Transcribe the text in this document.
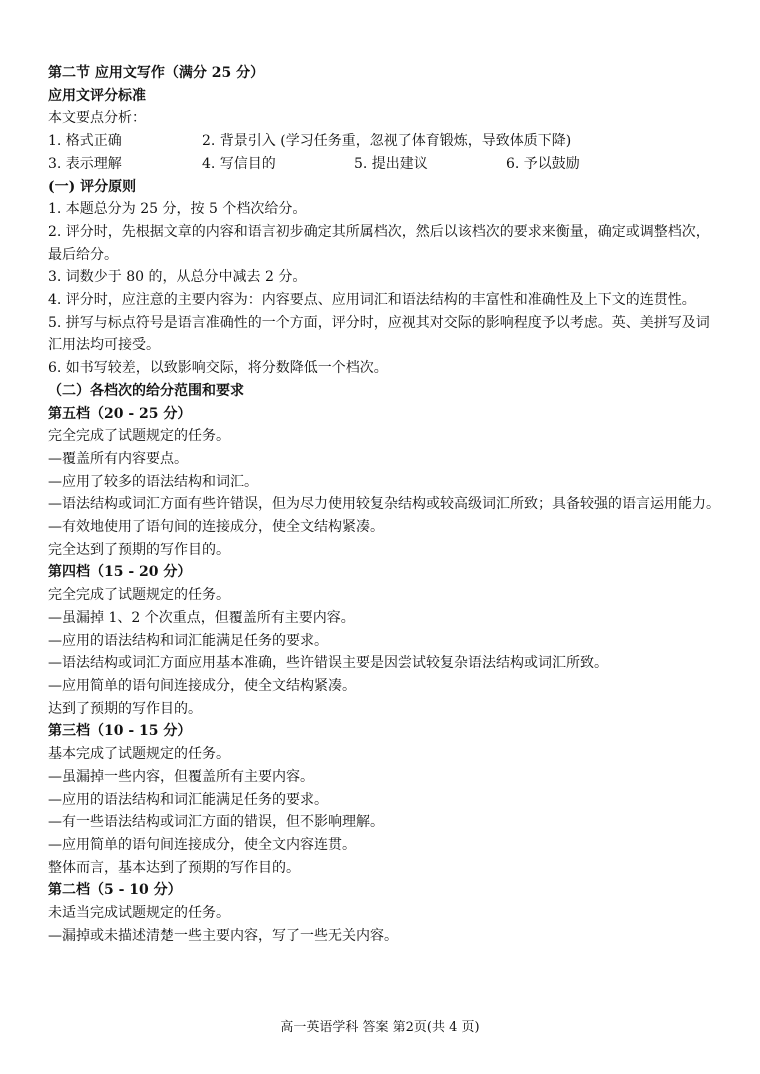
第二节 应用文写作（满分 25 分）
应用文评分标准
本文要点分析：
1. 格式正确	2. 背景引入 (学习任务重，忽视了体育锻炼，导致体质下降)
3. 表示理解	4. 写信目的	5. 提出建议	6. 予以鼓励
(一) 评分原则
1. 本题总分为 25 分，按 5 个档次给分。
2. 评分时，先根据文章的内容和语言初步确定其所属档次，然后以该档次的要求来衡量，确定或调整档次，最后给分。
3. 词数少于 80 的，从总分中减去 2 分。
4. 评分时，应注意的主要内容为：内容要点、应用词汇和语法结构的丰富性和准确性及上下文的连贯性。
5. 拼写与标点符号是语言准确性的一个方面，评分时，应视其对交际的影响程度予以考虑。英、美拼写及词汇用法均可接受。
6. 如书写较差，以致影响交际，将分数降低一个档次。
（二）各档次的给分范围和要求
第五档（20 - 25 分）
完全完成了试题规定的任务。
—覆盖所有内容要点。
—应用了较多的语法结构和词汇。
—语法结构或词汇方面有些许错误，但为尽力使用较复杂结构或较高级词汇所致；具备较强的语言运用能力。
—有效地使用了语句间的连接成分，使全文结构紧凑。
完全达到了预期的写作目的。
第四档（15 - 20 分）
完全完成了试题规定的任务。
—虽漏掉 1、2 个次重点，但覆盖所有主要内容。
—应用的语法结构和词汇能满足任务的要求。
—语法结构或词汇方面应用基本准确，些许错误主要是因尝试较复杂语法结构或词汇所致。
—应用简单的语句间连接成分，使全文结构紧凑。
达到了预期的写作目的。
第三档（10 - 15 分）
基本完成了试题规定的任务。
—虽漏掉一些内容，但覆盖所有主要内容。
—应用的语法结构和词汇能满足任务的要求。
—有一些语法结构或词汇方面的错误，但不影响理解。
—应用简单的语句间连接成分，使全文内容连贯。
整体而言，基本达到了预期的写作目的。
第二档（5 - 10 分）
未适当完成试题规定的任务。
—漏掉或未描述清楚一些主要内容，写了一些无关内容。
高一英语学科 答案 第2页(共 4 页)
